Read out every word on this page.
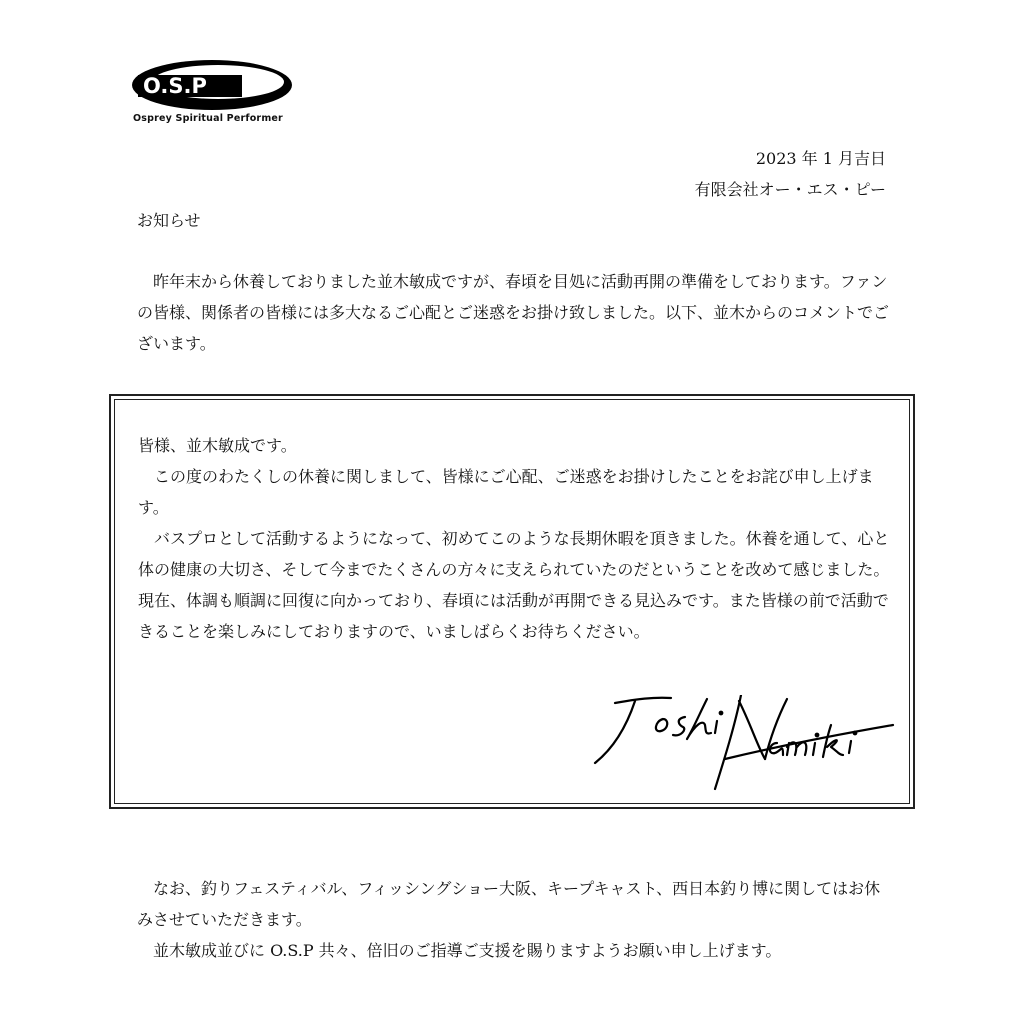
O.S.P
Osprey Spiritual Performer
2023 年 1 月吉日
有限会社オー・エス・ピー
お知らせ

昨年末から休養しておりました並木敏成ですが、春頃を目処に活動再開の準備をしております。ファンの皆様、関係者の皆様には多大なるご心配とご迷惑をお掛け致しました。以下、並木からのコメントでございます。

皆様、並木敏成です。

この度のわたくしの休養に関しまして、皆様にご心配、ご迷惑をお掛けしたことをお詫び申し上げます。

バスプロとして活動するようになって、初めてこのような長期休暇を頂きました。休養を通して、心と体の健康の大切さ、そして今までたくさんの方々に支えられていたのだということを改めて感じました。現在、体調も順調に回復に向かっており、春頃には活動が再開できる見込みです。また皆様の前で活動できることを楽しみにしておりますので、いましばらくお待ちください。

なお、釣りフェスティバル、フィッシングショー大阪、キープキャスト、西日本釣り博に関してはお休みさせていただきます。

並木敏成並びに O.S.P 共々、倍旧のご指導ご支援を賜りますようお願い申し上げます。
